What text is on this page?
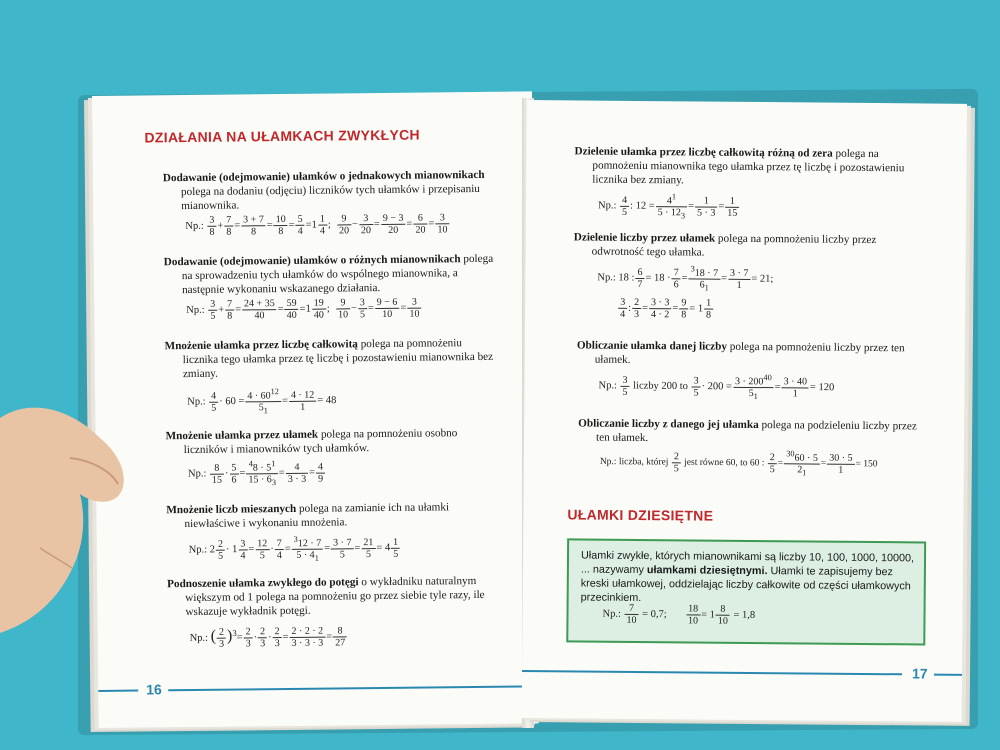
DZIAŁANIA NA UŁAMKACH ZWYKŁYCH
Dodawanie (odejmowanie) ułamków o jednakowych mianownikach polega na dodaniu (odjęciu) liczników tych ułamków i przepisaniu mianownika.
Np.: $\frac{3}{8} + \frac{7}{8} = \frac{3 + 7}{8} = \frac{10}{8} = \frac{5}{4} =1 \frac{1}{4}$ ; $\frac{9}{20} - \frac{3}{20} = \frac{9 - 3}{20} = \frac{6}{20} = \frac{3}{10}$
Dodawanie (odejmowanie) ułamków o różnych mianownikach polega na sprowadzeniu tych ułamków do wspólnego mianownika, a następnie wykonaniu wskazanego działania.
Np.: $\frac{3}{5} + \frac{7}{8} = \frac{24 + 35}{40} = \frac{59}{40} =1 \frac{19}{40}$ ; $\frac{9}{10} - \frac{3}{5} = \frac{9 - 6}{10} = \frac{3}{10}$
Mnożenie ułamka przez liczbę całkowitą polega na pomnożeniu licznika tego ułamka przez tę liczbę i pozostawieniu mianownika bez zmiany.
Np.: $\frac{4}{5} \cdot 60 = \frac{4 \cdot 60^{12}}{5_1} = \frac{4 \cdot 12}{1} = 48$
Mnożenie ułamka przez ułamek polega na pomnożeniu osobno liczników i mianowników tych ułamków.
Np.: $\frac{8}{15} \cdot \frac{5}{6} = \frac{^48 \cdot 5^1}{15 \cdot 6_3} = \frac{4}{3 \cdot 3} = \frac{4}{9}$
Mnożenie liczb mieszanych polega na zamianie ich na ułamki niewłaściwe i wykonaniu mnożenia.
Np.: $2 \frac{2}{5} \cdot 1 \frac{3}{4} = \frac{12}{5} \cdot \frac{7}{4} = \frac{^312 \cdot 7}{5 \cdot 4_1} = \frac{3 \cdot 7}{5} = \frac{21}{5} = 4 \frac{1}{5}$
Podnoszenie ułamka zwykłego do potęgi o wykładniku naturalnym większym od 1 polega na pomnożeniu go przez siebie tyle razy, ile wskazuje wykładnik potęgi.
Np.: ( $\frac{2}{3} )^3= \frac{2}{3} \cdot \frac{2}{3} \cdot \frac{2}{3} = \frac{2 \cdot 2 \cdot 2}{3 \cdot 3 \cdot 3} = \frac{8}{27}$
16
Dzielenie ułamka przez liczbę całkowitą różną od zera polega na pomnożeniu mianownika tego ułamka przez tę liczbę i pozostawieniu licznika bez zmiany.
Np.: $\frac{4}{5}$ : $12 = \frac{4^1}{5 \cdot 12_3} = \frac{1}{5 \cdot 3} = \frac{1}{15}$
Dzielenie liczby przez ułamek polega na pomnożeniu liczby przez odwrotność tego ułamka.
Np.: 18 : $\frac{6}{7} = 18 \cdot \frac{7}{6} = \frac{^318 \cdot 7}{6_1} = \frac{3 \cdot 7}{1} = 21$;
$\frac{3}{4}$ : $\frac{2}{3} = \frac{3 \cdot 3}{4 \cdot 2} = \frac{9}{8} = 1 \frac{1}{8}$
Obliczanie ułamka danej liczby polega na pomnożeniu liczby przez ten ułamek.
Np.: $\frac{3}{5}$ liczby 200 to $\frac{3}{5} \cdot 200 = \frac{3 \cdot 200^{40}}{5_1} = \frac{3 \cdot 40}{1} = 120$
Obliczanie liczby z danego jej ułamka polega na podzieleniu liczby przez ten ułamek.
Np.: liczba, której $\frac{2}{5}$ jest równe 60, to 60 : $\frac{2}{5} = \frac{^{30}60 \cdot 5}{2_1} = \frac{30 \cdot 5}{1} = 150$
UŁAMKI DZIESIĘTNE
Ułamki zwykłe, których mianownikami są liczby 10, 100, 1000, 10000, ... nazywamy ułamkami dziesiętnymi. Ułamki te zapisujemy bez kreski ułamkowej, oddzielając liczby całkowite od części ułamkowych przecinkiem.
Np.: $\frac{7}{10} = 0,7$; $\frac{18}{10} = 1 \frac{8}{10} = 1,8$
17
